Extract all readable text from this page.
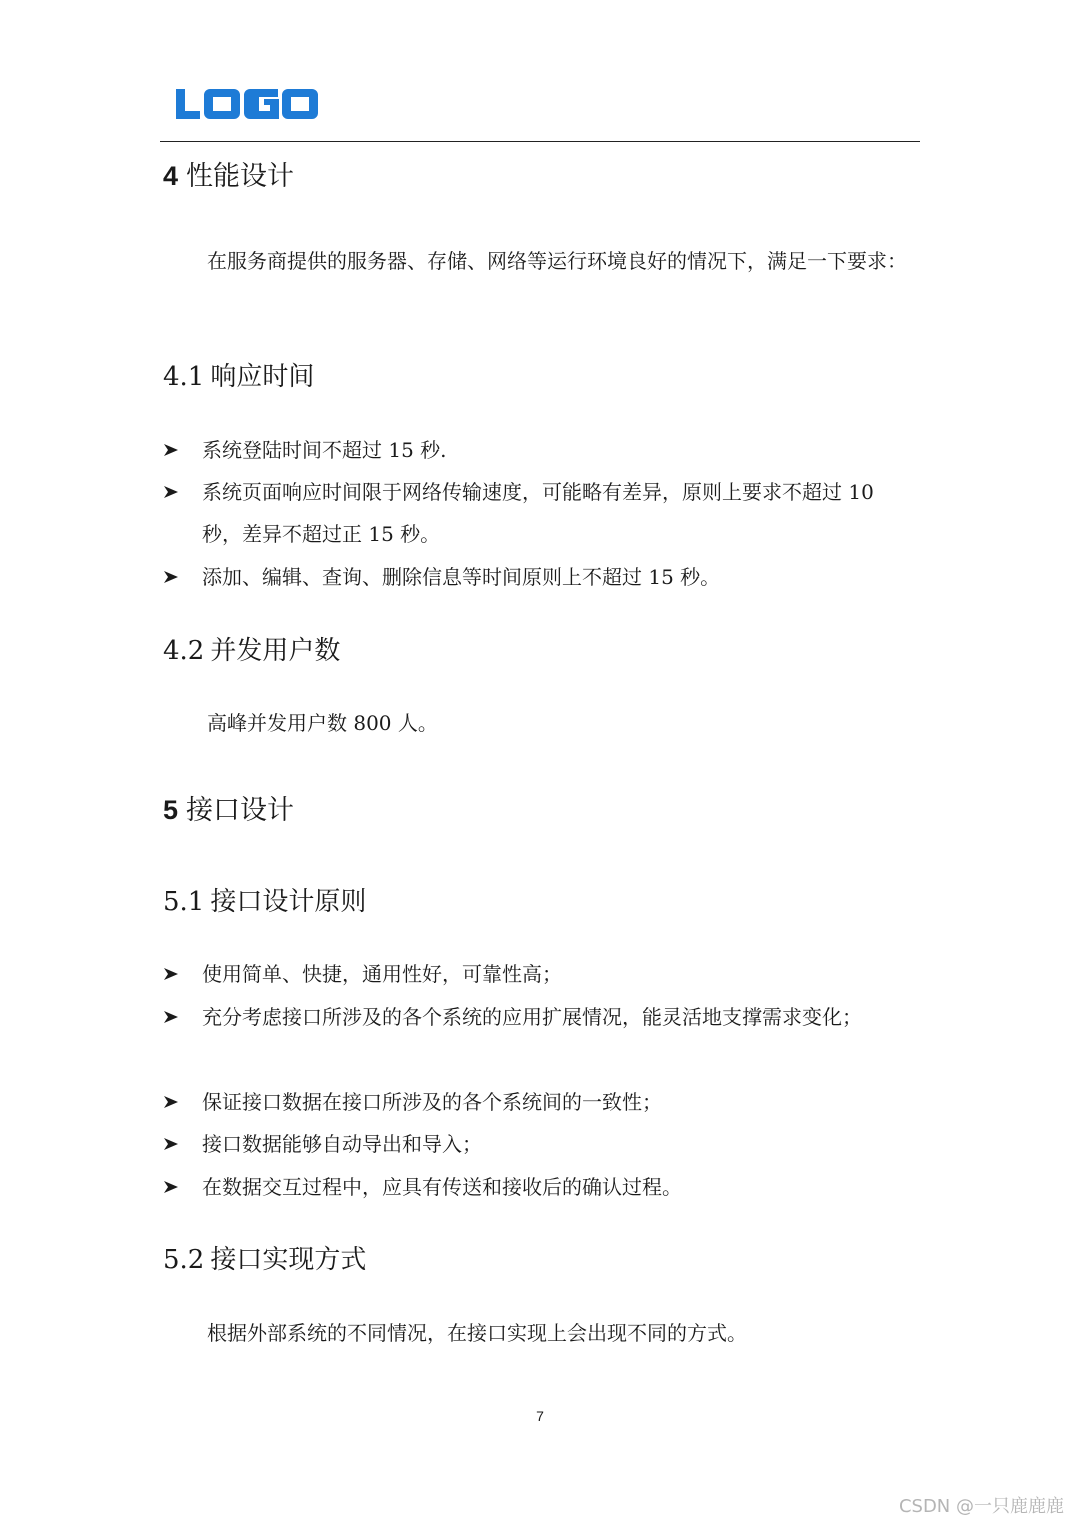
4 性能设计

在服务商提供的服务器、存储、网络等运行环境良好的情况下，满足一下要求：

4.1 响应时间
系统登陆时间不超过 15 秒.
系统页面响应时间限于网络传输速度，可能略有差异，原则上要求不超过 10 秒，差异不超过正 15 秒。
添加、编辑、查询、删除信息等时间原则上不超过 15 秒。
4.2 并发用户数

高峰并发用户数 800 人。

5 接口设计
5.1 接口设计原则
使用简单、快捷，通用性好，可靠性高；
充分考虑接口所涉及的各个系统的应用扩展情况，能灵活地支撑需求变化；
保证接口数据在接口所涉及的各个系统间的一致性；
接口数据能够自动导出和导入；
在数据交互过程中，应具有传送和接收后的确认过程。
5.2 接口实现方式

根据外部系统的不同情况，在接口实现上会出现不同的方式。

7
CSDN @一只鹿鹿鹿
